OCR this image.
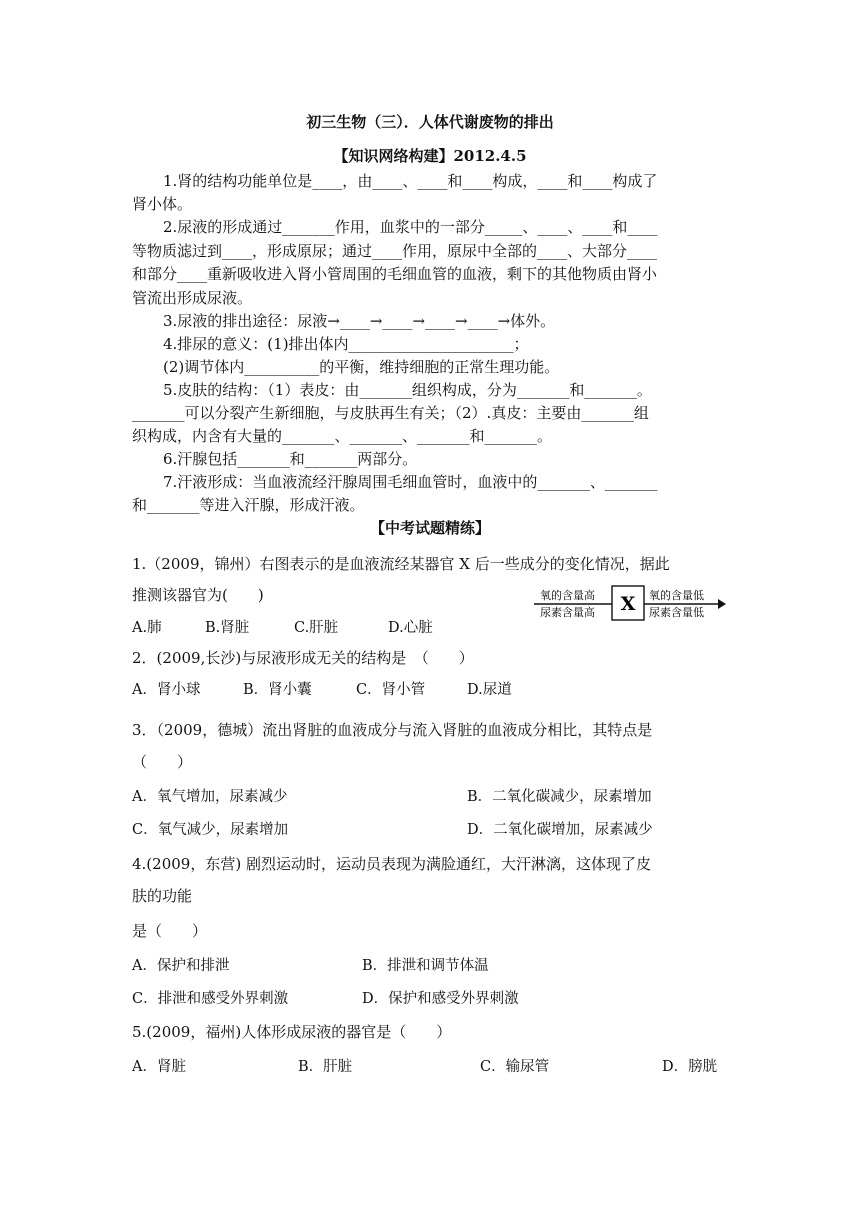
初三生物（三）．人体代谢废物的排出
【知识网络构建】2012.4.5
1.肾的结构功能单位是____，由____、____和____构成，____和____构成了
肾小体。
2.尿液的形成通过_______作用，血浆中的一部分_____、____、____和____
等物质滤过到____，形成原尿；通过____作用，原尿中全部的____、大部分____
和部分____重新吸收进入肾小管周围的毛细血管的血液，剩下的其他物质由肾小
管流出形成尿液。
3.尿液的排出途径：尿液→____→____→____→____→体外。
4.排尿的意义：(1)排出体内______________________；
(2)调节体内__________的平衡，维持细胞的正常生理功能。
5.皮肤的结构：（1）表皮：由_______组织构成，分为_______和_______。
_______可以分裂产生新细胞，与皮肤再生有关；（2）.真皮：主要由_______组
织构成，内含有大量的_______、_______、_______和_______。
6.汗腺包括_______和_______两部分。
7.汗液形成：当血液流经汗腺周围毛细血管时，血液中的_______、_______
和_______等进入汗腺，形成汗液。
【中考试题精练】
1.（2009，锦州）右图表示的是血液流经某器官 X 后一些成分的变化情况，据此
推测该器官为(　　)	氧的含量高
尿素含量高 X 氧的含量低
尿素含量低
A.肺	B.肾脏	C.肝脏	D.心脏
2．(2009,长沙)与尿液形成无关的结构是　（　　）
A．肾小球	B．肾小囊	C．肾小管	D.尿道
3．（2009，德城）流出肾脏的血液成分与流入肾脏的血液成分相比，其特点是
（　　）
A．氧气增加，尿素减少	B．二氧化碳减少，尿素增加
C．氧气减少，尿素增加	D．二氧化碳增加，尿素减少
4.(2009，东营) 剧烈运动时，运动员表现为满脸通红，大汗淋漓，这体现了皮
肤的功能
是（　　）
A．保护和排泄	B．排泄和调节体温
C．排泄和感受外界刺激	D．保护和感受外界刺激
5.(2009，福州)人体形成尿液的器官是（　　）
A．肾脏	B．肝脏	C．输尿管	D．膀胱
